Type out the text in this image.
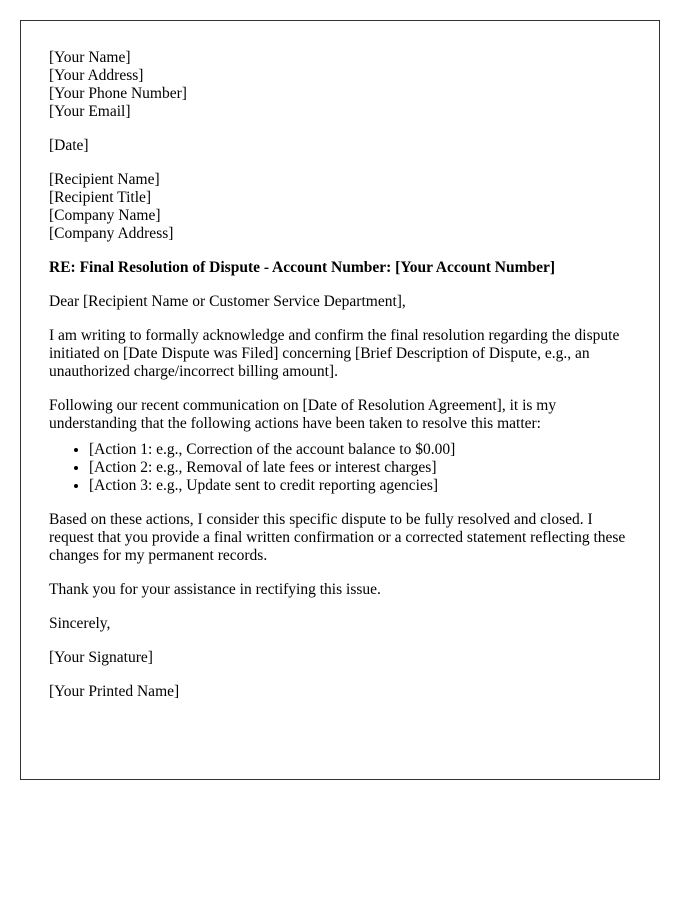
[Your Name]
[Your Address]
[Your Phone Number]
[Your Email]

[Date]

[Recipient Name]
[Recipient Title]
[Company Name]
[Company Address]

RE: Final Resolution of Dispute - Account Number: [Your Account Number]

Dear [Recipient Name or Customer Service Department],

I am writing to formally acknowledge and confirm the final resolution regarding the dispute initiated on [Date Dispute was Filed] concerning [Brief Description of Dispute, e.g., an unauthorized charge/incorrect billing amount].

Following our recent communication on [Date of Resolution Agreement], it is my understanding that the following actions have been taken to resolve this matter:

• [Action 1: e.g., Correction of the account balance to $0.00]
• [Action 2: e.g., Removal of late fees or interest charges]
• [Action 3: e.g., Update sent to credit reporting agencies]

Based on these actions, I consider this specific dispute to be fully resolved and closed. I request that you provide a final written confirmation or a corrected statement reflecting these changes for my permanent records.

Thank you for your assistance in rectifying this issue.

Sincerely,

[Your Signature]

[Your Printed Name]
